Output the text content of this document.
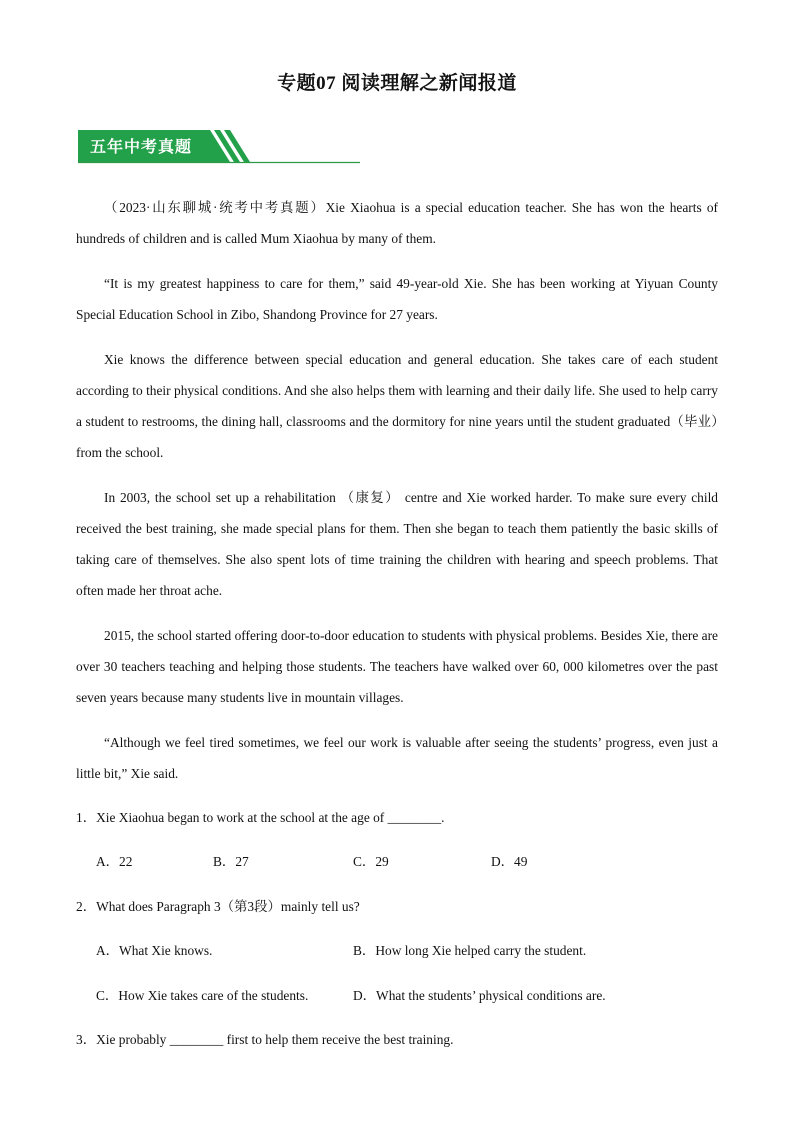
专题07 阅读理解之新闻报道
五年中考真题
（2023·山东聊城·统考中考真题）Xie Xiaohua is a special education teacher. She has won the hearts of hundreds of children and is called Mum Xiaohua by many of them.
“It is my greatest happiness to care for them,” said 49-year-old Xie. She has been working at Yiyuan County Special Education School in Zibo, Shandong Province for 27 years.
Xie knows the difference between special education and general education. She takes care of each student according to their physical conditions. And she also helps them with learning and their daily life. She used to help carry a student to restrooms, the dining hall, classrooms and the dormitory for nine years until the student graduated（毕业）from the school.
In 2003, the school set up a rehabilitation （康复） centre and Xie worked harder. To make sure every child received the best training, she made special plans for them. Then she began to teach them patiently the basic skills of taking care of themselves. She also spent lots of time training the children with hearing and speech problems. That often made her throat ache.
2015, the school started offering door-to-door education to students with physical problems. Besides Xie, there are over 30 teachers teaching and helping those students. The teachers have walked over 60, 000 kilometres over the past seven years because many students live in mountain villages.
“Although we feel tired sometimes, we feel our work is valuable after seeing the students’ progress, even just a little bit,” Xie said.
1．Xie Xiaohua began to work at the school at the age of ________.
A．22	B．27	C．29	D．49
2．What does Paragraph 3（第3段）mainly tell us?
A．What Xie knows.	B．How long Xie helped carry the student.
C．How Xie takes care of the students.	D．What the students’ physical conditions are.
3．Xie probably ________ first to help them receive the best training.
